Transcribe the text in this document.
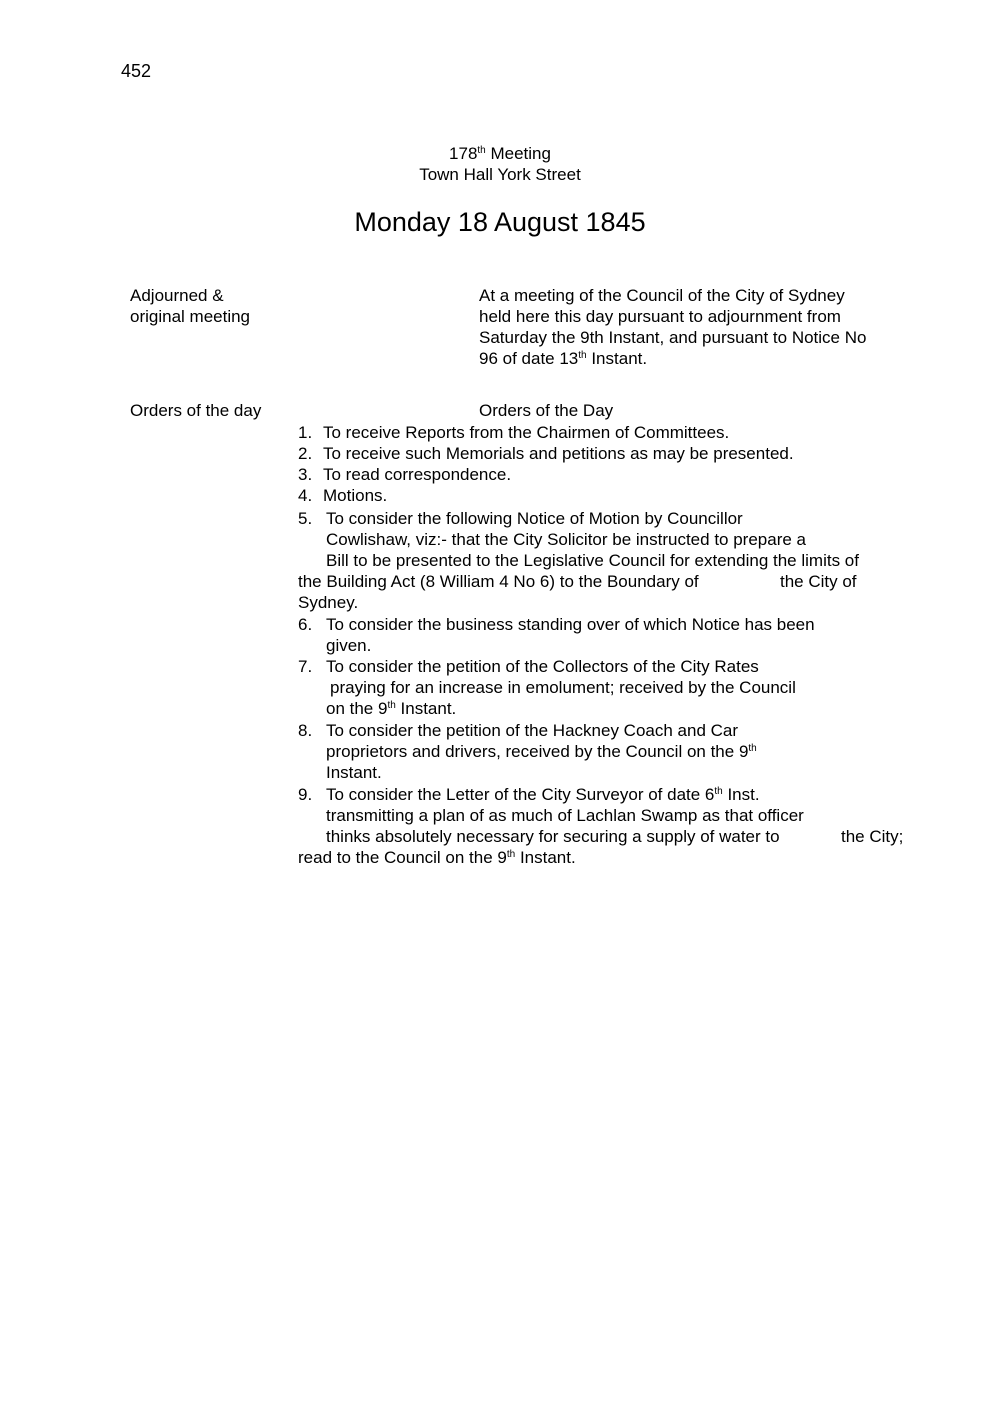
452
178th Meeting
Town Hall York Street
Monday 18 August 1845
Adjourned &
original meeting
At a meeting of the Council of the City of Sydney
held here this day pursuant to adjournment from
Saturday the 9th Instant, and pursuant to Notice No
96 of date 13th Instant.
Orders of the day	Orders of the Day
1. To receive Reports from the Chairmen of Committees.
2. To receive such Memorials and petitions as may be presented.
3. To read correspondence.
4. Motions.
5. To consider the following Notice of Motion by Councillor
Cowlishaw, viz:- that the City Solicitor be instructed to prepare a
Bill to be presented to the Legislative Council for extending the limits of
the Building Act (8 William 4 No 6) to the Boundary of	the City of
Sydney.
6. To consider the business standing over of which Notice has been
given.
7. To consider the petition of the Collectors of the City Rates
praying for an increase in emolument; received by the Council
on the 9th Instant.
8. To consider the petition of the Hackney Coach and Car
proprietors and drivers, received by the Council on the 9th
Instant.
9. To consider the Letter of the City Surveyor of date 6th Inst.
transmitting a plan of as much of Lachlan Swamp as that officer
thinks absolutely necessary for securing a supply of water to	the City;
read to the Council on the 9th Instant.
